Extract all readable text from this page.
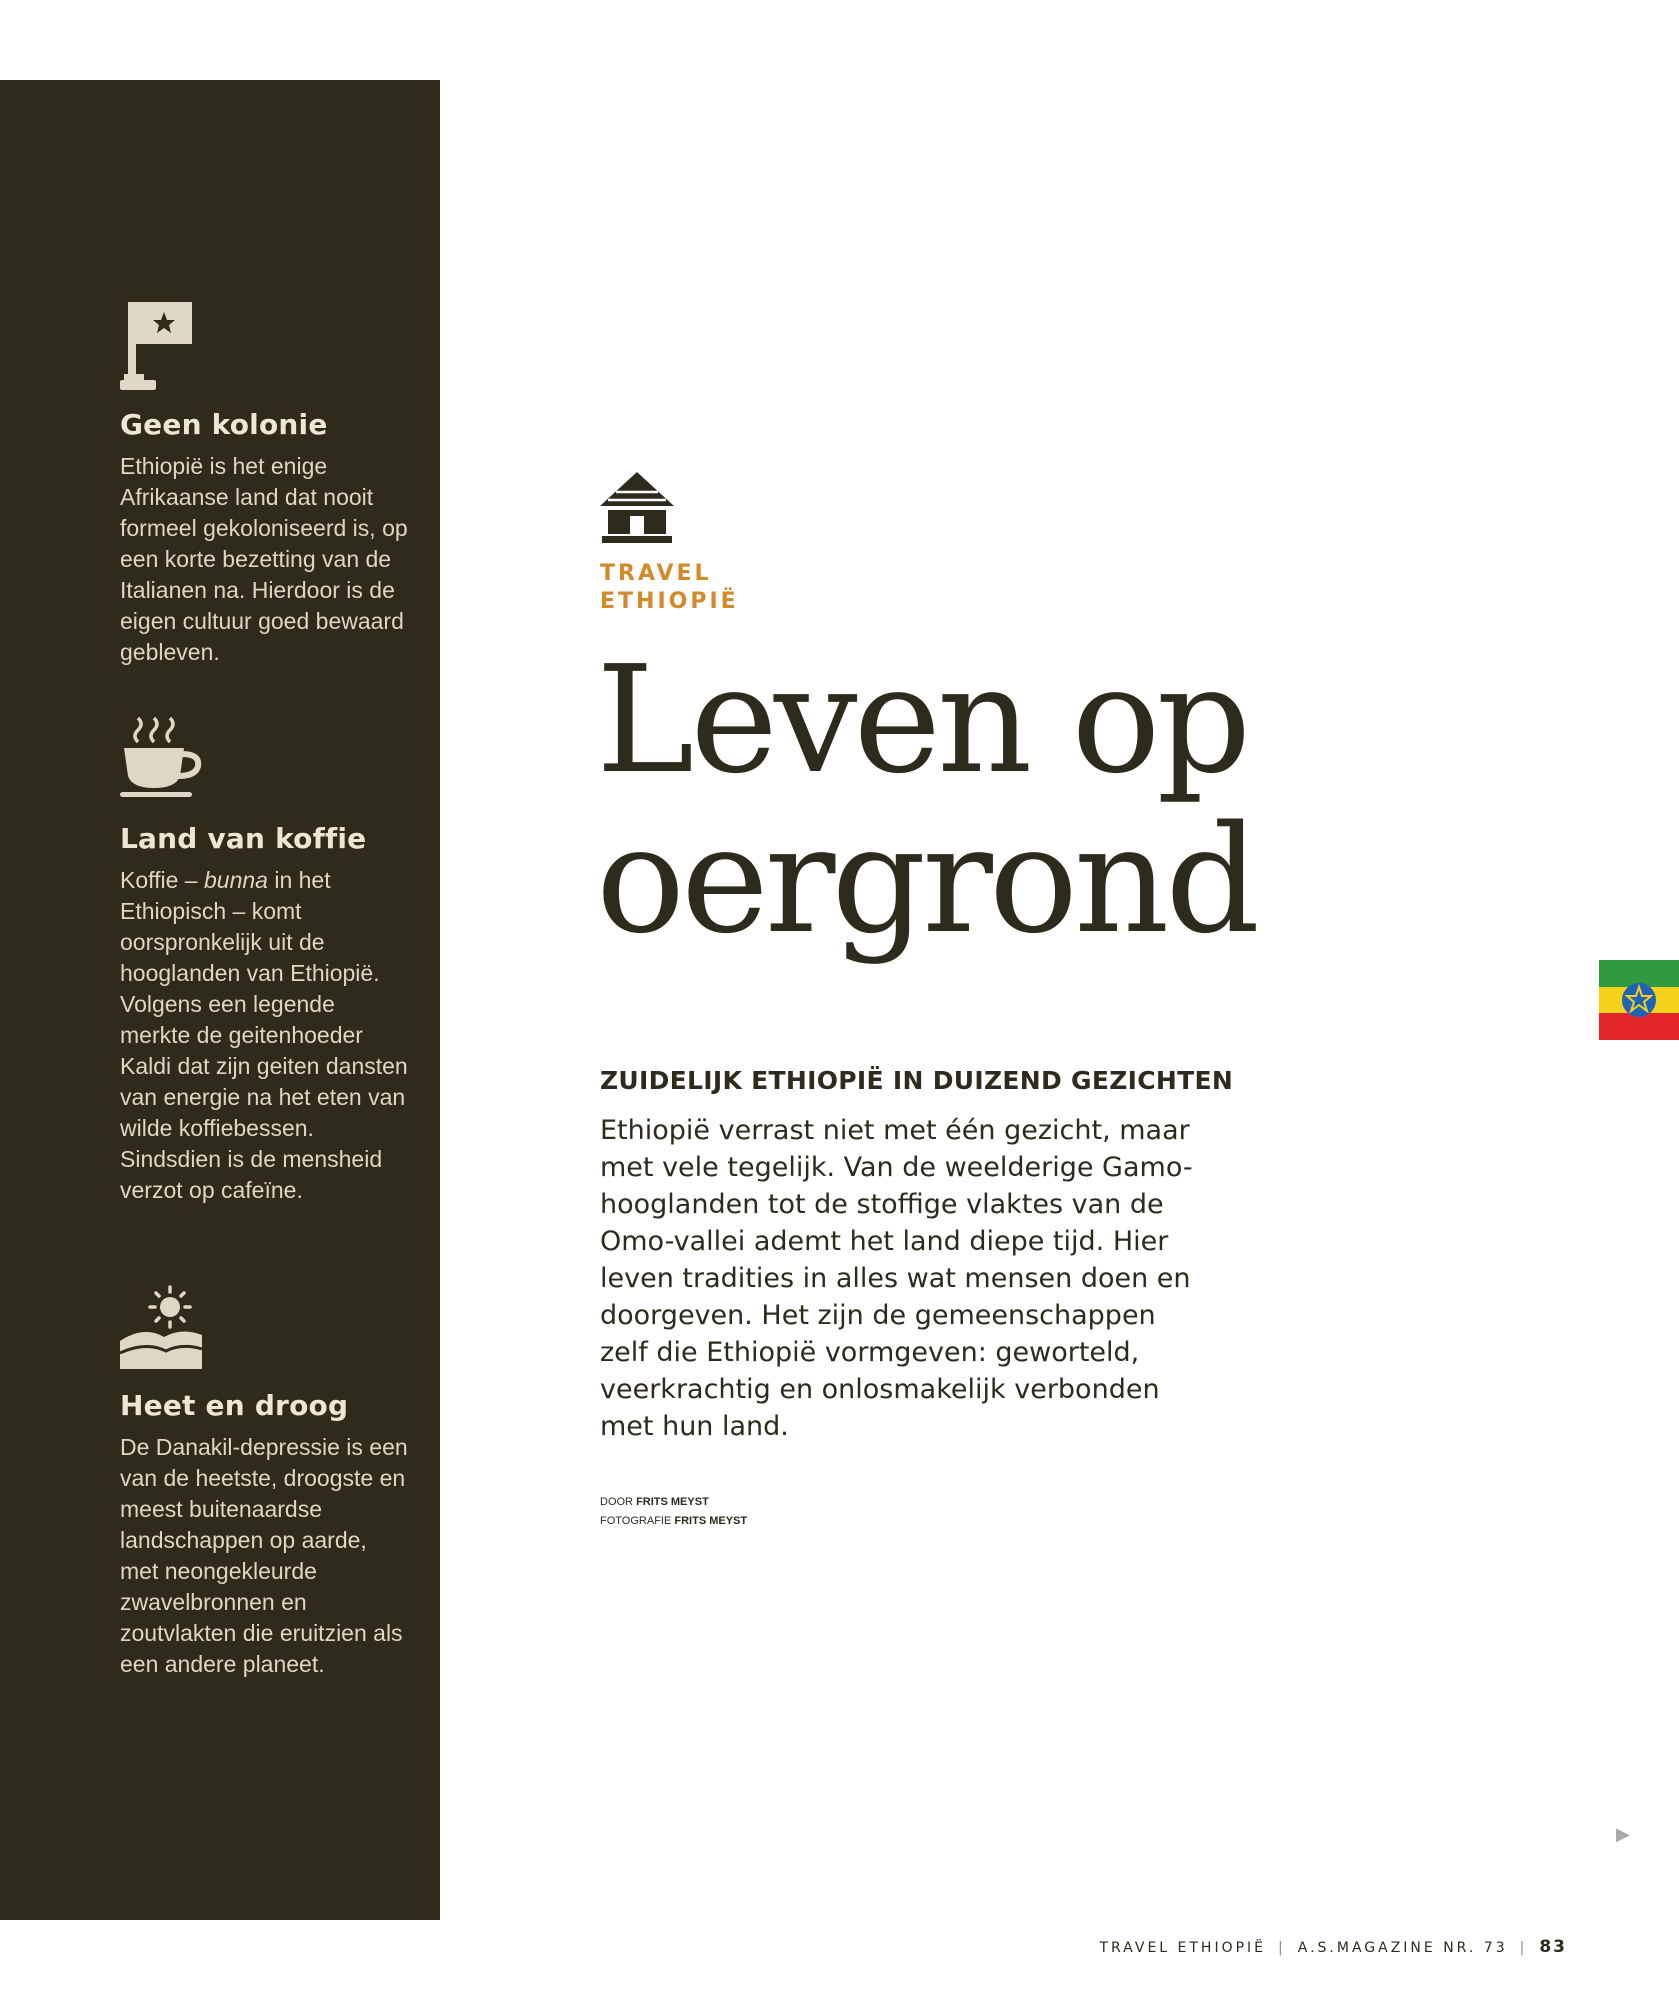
Geen kolonie

Ethiopië is het enige Afrikaanse land dat nooit formeel gekoloniseerd is, op een korte bezetting van de Italianen na. Hierdoor is de eigen cultuur goed bewaard gebleven.

Land van koffie

Koffie – bunna in het Ethiopisch – komt oorspronkelijk uit de hooglanden van Ethiopië. Volgens een legende merkte de geitenhoeder Kaldi dat zijn geiten dansten van energie na het eten van wilde koffiebessen. Sindsdien is de mensheid verzot op cafeïne.

Heet en droog

De Danakil-depressie is een van de heetste, droogste en meest buitenaardse landschappen op aarde, met neongekleurde zwavelbronnen en zoutvlakten die eruitzien als een andere planeet.

TRAVEL
ETHIOPIË
Leven op
oergrond
ZUIDELIJK ETHIOPIË IN DUIZEND GEZICHTEN

Ethiopië verrast niet met één gezicht, maar met vele tegelijk. Van de weelderige Gamo-hooglanden tot de stoffige vlaktes van de Omo-vallei ademt het land diepe tijd. Hier leven tradities in alles wat mensen doen en doorgeven. Het zijn de gemeenschappen zelf die Ethiopië vormgeven: geworteld, veerkrachtig en onlosmakelijk verbonden met hun land.

DOOR FRITS MEYST
FOTOGRAFIE FRITS MEYST
▶
TRAVEL ETHIOPIË | A.S.MAGAZINE NR. 73 | 83
